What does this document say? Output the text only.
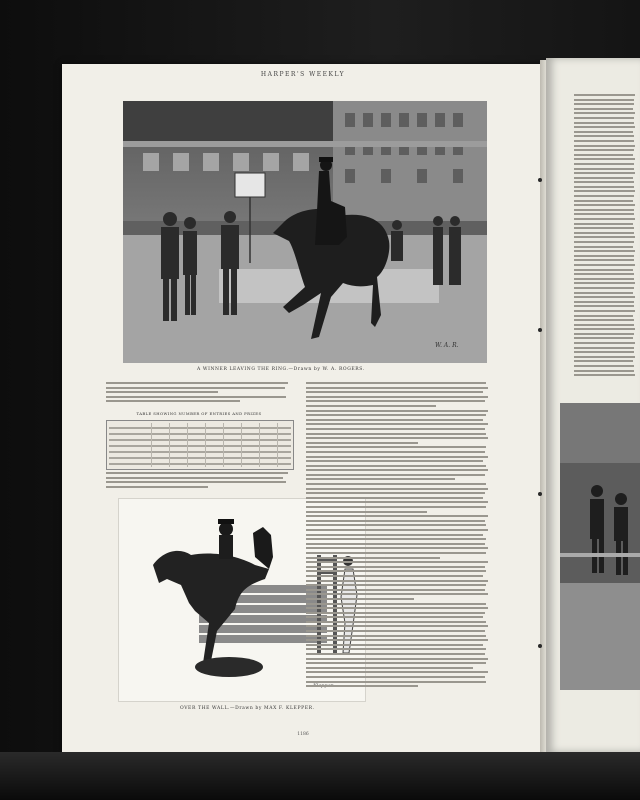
HARPER'S WEEKLY
W. A. R.
A WINNER LEAVING THE RING.—Drawn by W. A. ROGERS.
TABLE SHOWING NUMBER OF ENTRIES AND PRIZES
OVER THE WALL.—Drawn by MAX F. KLEPPER.
1186
